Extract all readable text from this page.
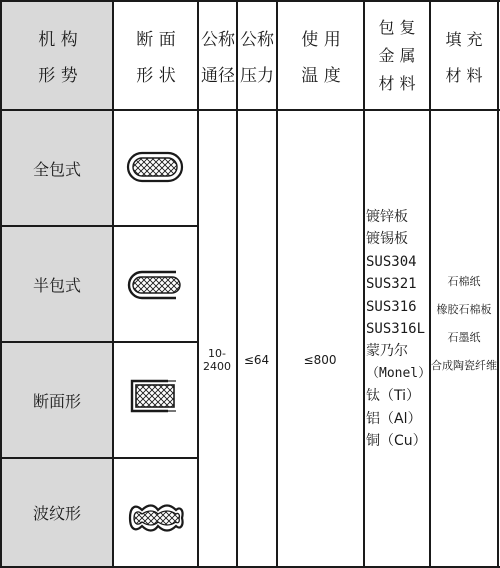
机 构
形 势
断 面
形 状
公称
通径
公称
压力
使 用
温 度
包 复
金 属
材 料
填 充
材 料
全包式
半包式
断面形
波纹形
10-2400	≤64	≤800
镀锌板
镀锡板
SUS304
SUS321
SUS316
SUS316L
蒙乃尔
（Monel）
钛（Ti）
铝（Al）
铜（Cu）
石棉纸
橡胶石棉板
石墨纸
合成陶瓷纤维
